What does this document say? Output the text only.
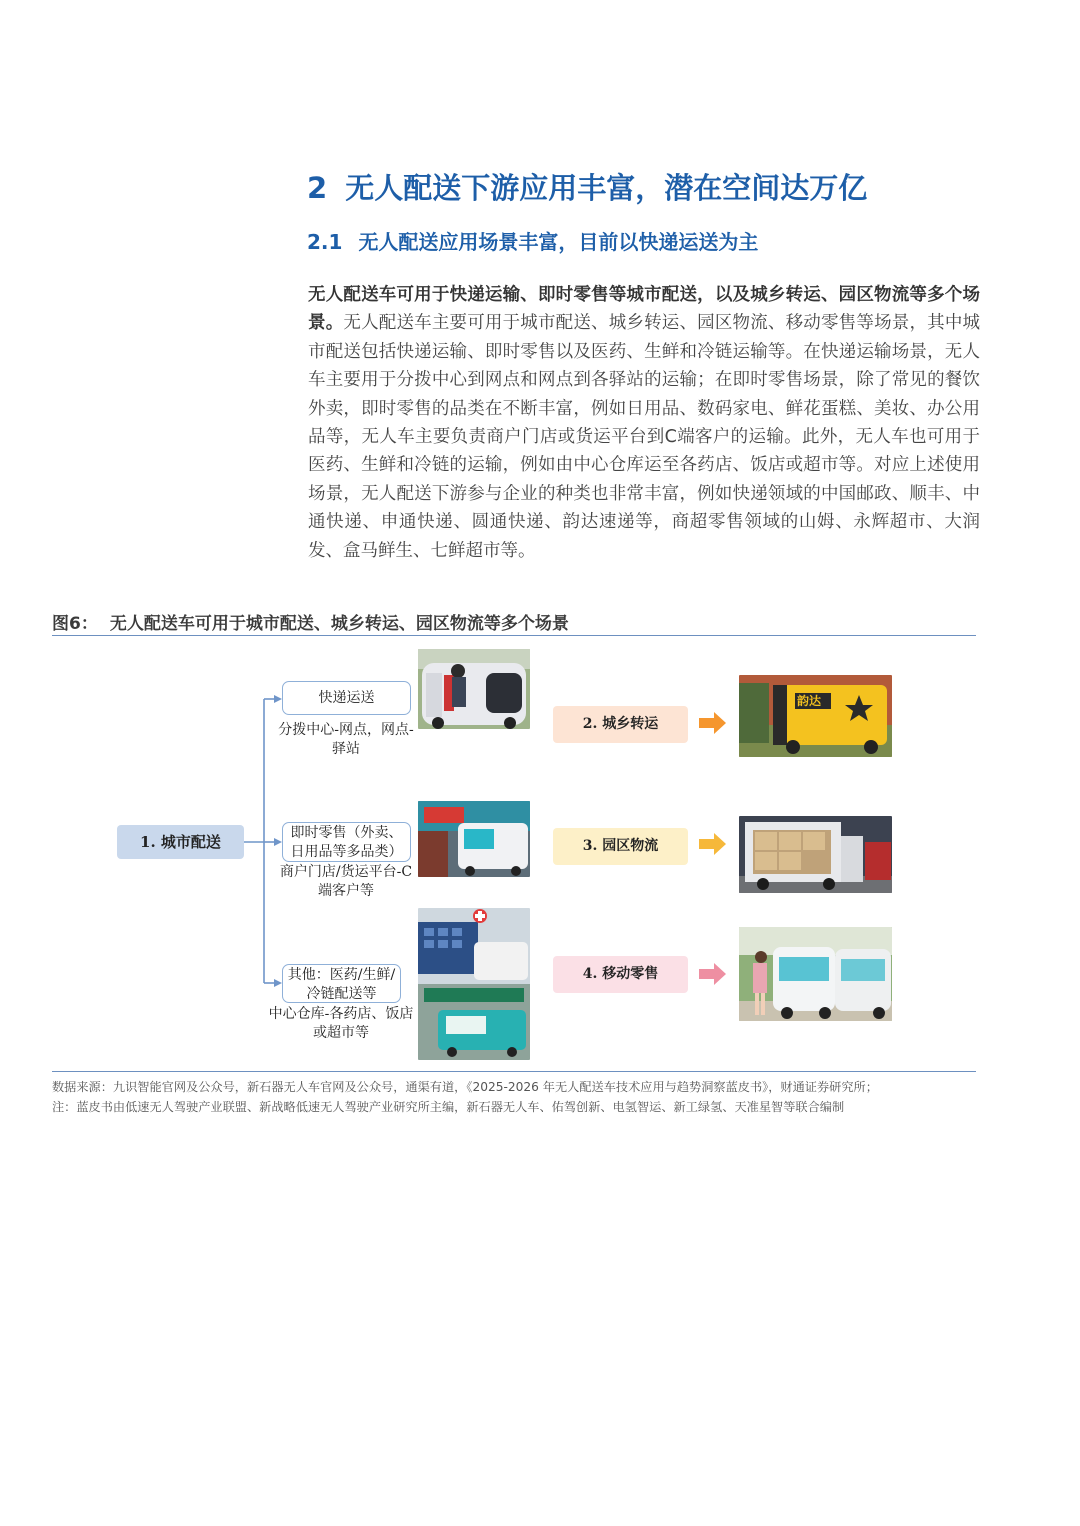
2 无人配送下游应用丰富，潜在空间达万亿
2.1 无人配送应用场景丰富，目前以快递运送为主
无人配送车可用于快递运输、即时零售等城市配送，以及城乡转运、园区物流等多个场景。无人配送车主要可用于城市配送、城乡转运、园区物流、移动零售等场景，其中城市配送包括快递运输、即时零售以及医药、生鲜和冷链运输等。在快递运输场景，无人车主要用于分拨中心到网点和网点到各驿站的运输；在即时零售场景，除了常见的餐饮外卖，即时零售的品类在不断丰富，例如日用品、数码家电、鲜花蛋糕、美妆、办公用品等，无人车主要负责商户门店或货运平台到C端客户的运输。此外，无人车也可用于医药、生鲜和冷链的运输，例如由中心仓库运至各药店、饭店或超市等。对应上述使用场景，无人配送下游参与企业的种类也非常丰富，例如快递领域的中国邮政、顺丰、中通快递、申通快递、圆通快递、韵达速递等，商超零售领域的山姆、永辉超市、大润发、盒马鲜生、七鲜超市等。
图6： 无人配送车可用于城市配送、城乡转运、园区物流等多个场景
1. 城市配送
快递运送
分拨中心-网点，网点-驿站
即时零售（外卖、日用品等多品类）
商户门店/货运平台-C端客户等
其他：医药/生鲜/冷链配送等
中心仓库-各药店、饭店或超市等
2. 城乡转运
3. 园区物流
4. 移动零售
韵达
数据来源：九识智能官网及公众号，新石器无人车官网及公众号，通渠有道，《2025-2026 年无人配送车技术应用与趋势洞察蓝皮书》，财通证券研究所；
注：蓝皮书由低速无人驾驶产业联盟、新战略低速无人驾驶产业研究所主编，新石器无人车、佑驾创新、电氢智运、新工绿氢、天准星智等联合编制
